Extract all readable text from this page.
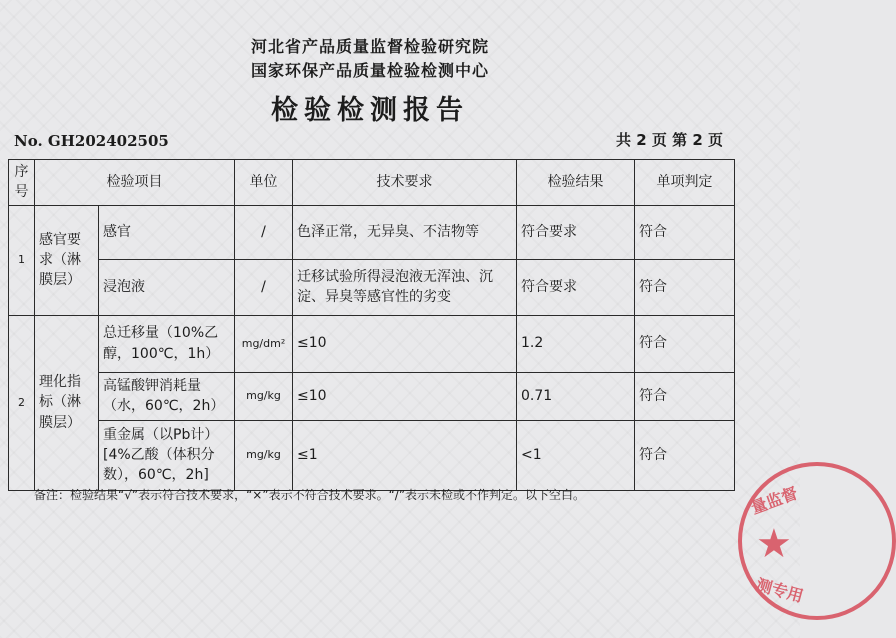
河北省产品质量监督检验研究院
国家环保产品质量检验检测中心
检验检测报告
No. GH202402505	共 2 页 第 2 页
序号	检验项目		单位	技术要求	检验结果	单项判定
1	感官要求（淋膜层）	感官	/	色泽正常，无异臭、不洁物等	符合要求	符合
		浸泡液	/	迁移试验所得浸泡液无浑浊、沉淀、异臭等感官性的劣变	符合要求	符合
2	理化指标（淋膜层）	总迁移量（10%乙醇，100℃，1h）	mg/dm²	≤10	1.2	符合
		高锰酸钾消耗量（水，60℃，2h）	mg/kg	≤10	0.71	符合
		重金属（以Pb计）[4%乙酸（体积分数），60℃，2h]	mg/kg	≤1	<1	符合
备注：检验结果“√”表示符合技术要求，“×”表示不符合技术要求。“/”表示未检或不作判定。以下空白。	量监督
★
测专用
